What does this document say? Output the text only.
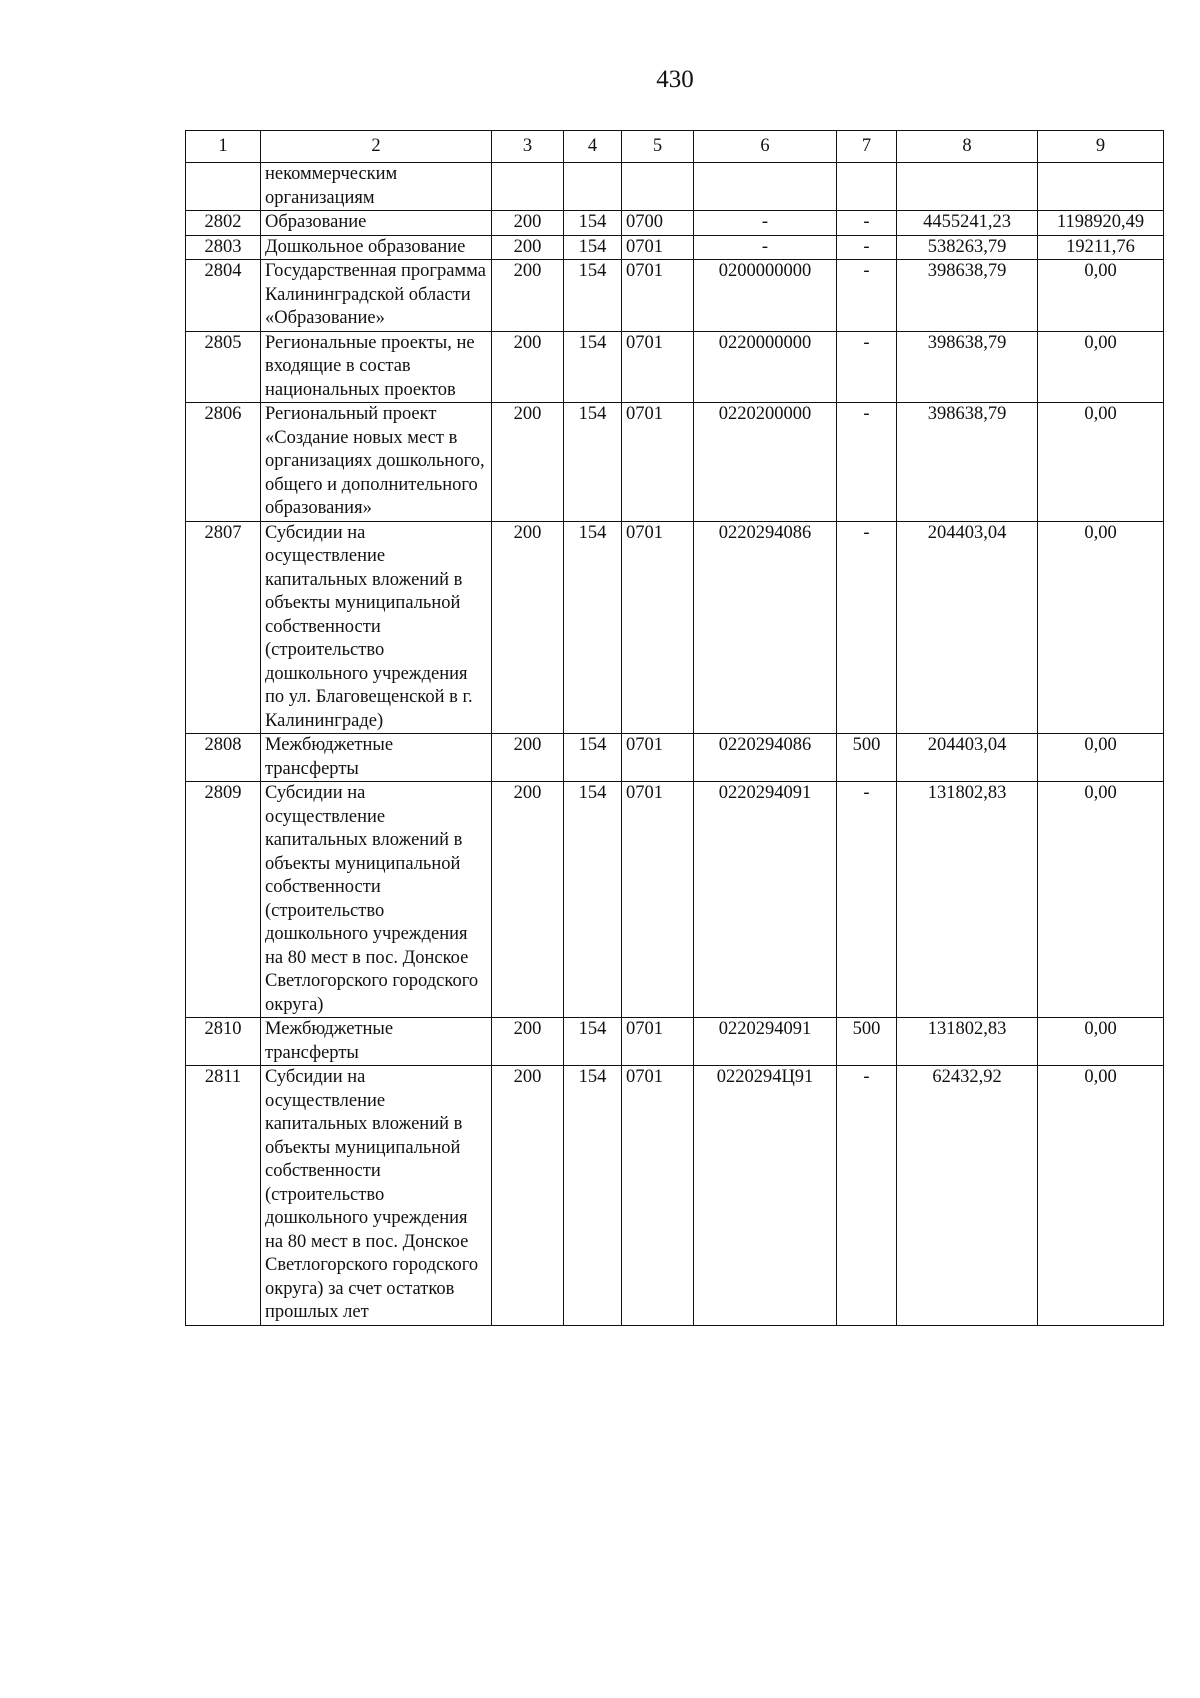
430
1	2	3	4	5	6	7	8	9
	некоммерческим организациям							
2802	Образование	200	154	0700	-	-	4455241,23	1198920,49
2803	Дошкольное образование	200	154	0701	-	-	538263,79	19211,76
2804	Государственная программа Калининградской области «Образование»	200	154	0701	0200000000	-	398638,79	0,00
2805	Региональные проекты, не входящие в состав национальных проектов	200	154	0701	0220000000	-	398638,79	0,00
2806	Региональный проект «Создание новых мест в организациях дошкольного, общего и дополнительного образования»	200	154	0701	0220200000	-	398638,79	0,00
2807	Субсидии на осуществление капитальных вложений в объекты муниципальной собственности (строительство дошкольного учреждения по ул. Благовещенской в г. Калининграде)	200	154	0701	0220294086	-	204403,04	0,00
2808	Межбюджетные трансферты	200	154	0701	0220294086	500	204403,04	0,00
2809	Субсидии на осуществление капитальных вложений в объекты муниципальной собственности (строительство дошкольного учреждения на 80 мест в пос. Донское Светлогорского городского округа)	200	154	0701	0220294091	-	131802,83	0,00
2810	Межбюджетные трансферты	200	154	0701	0220294091	500	131802,83	0,00
2811	Субсидии на осуществление капитальных вложений в объекты муниципальной собственности (строительство дошкольного учреждения на 80 мест в пос. Донское Светлогорского городского округа) за счет остатков прошлых лет	200	154	0701	0220294Ц91	-	62432,92	0,00
